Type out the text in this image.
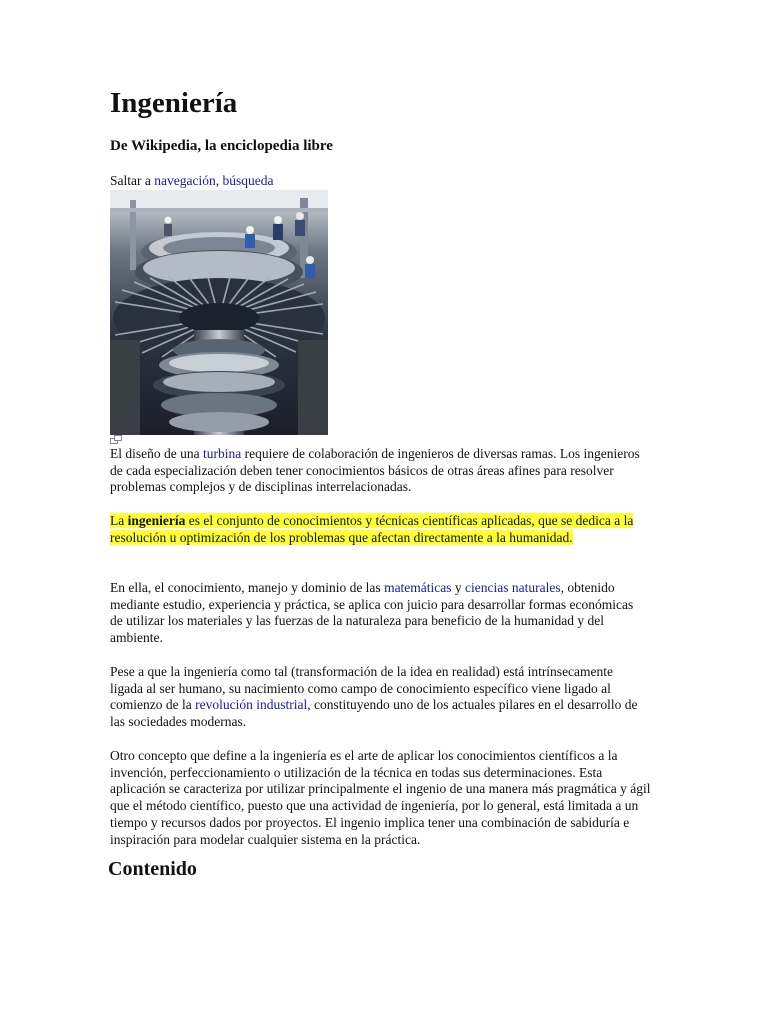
Ingeniería

De Wikipedia, la enciclopedia libre

Saltar a navegación, búsqueda

El diseño de una turbina requiere de colaboración de ingenieros de diversas ramas. Los ingenieros de cada especialización deben tener conocimientos básicos de otras áreas afines para resolver problemas complejos y de disciplinas interrelacionadas.

La ingeniería es el conjunto de conocimientos y técnicas científicas aplicadas, que se dedica a la resolución u optimización de los problemas que afectan directamente a la humanidad.

En ella, el conocimiento, manejo y dominio de las matemáticas y ciencias naturales, obtenido mediante estudio, experiencia y práctica, se aplica con juicio para desarrollar formas económicas de utilizar los materiales y las fuerzas de la naturaleza para beneficio de la humanidad y del ambiente.

Pese a que la ingeniería como tal (transformación de la idea en realidad) está intrínsecamente ligada al ser humano, su nacimiento como campo de conocimiento específico viene ligado al comienzo de la revolución industrial, constituyendo uno de los actuales pilares en el desarrollo de las sociedades modernas.

Otro concepto que define a la ingeniería es el arte de aplicar los conocimientos científicos a la invención, perfeccionamiento o utilización de la técnica en todas sus determinaciones. Esta aplicación se caracteriza por utilizar principalmente el ingenio de una manera más pragmática y ágil que el método científico, puesto que una actividad de ingeniería, por lo general, está limitada a un tiempo y recursos dados por proyectos. El ingenio implica tener una combinación de sabiduría e inspiración para modelar cualquier sistema en la práctica.

Contenido
